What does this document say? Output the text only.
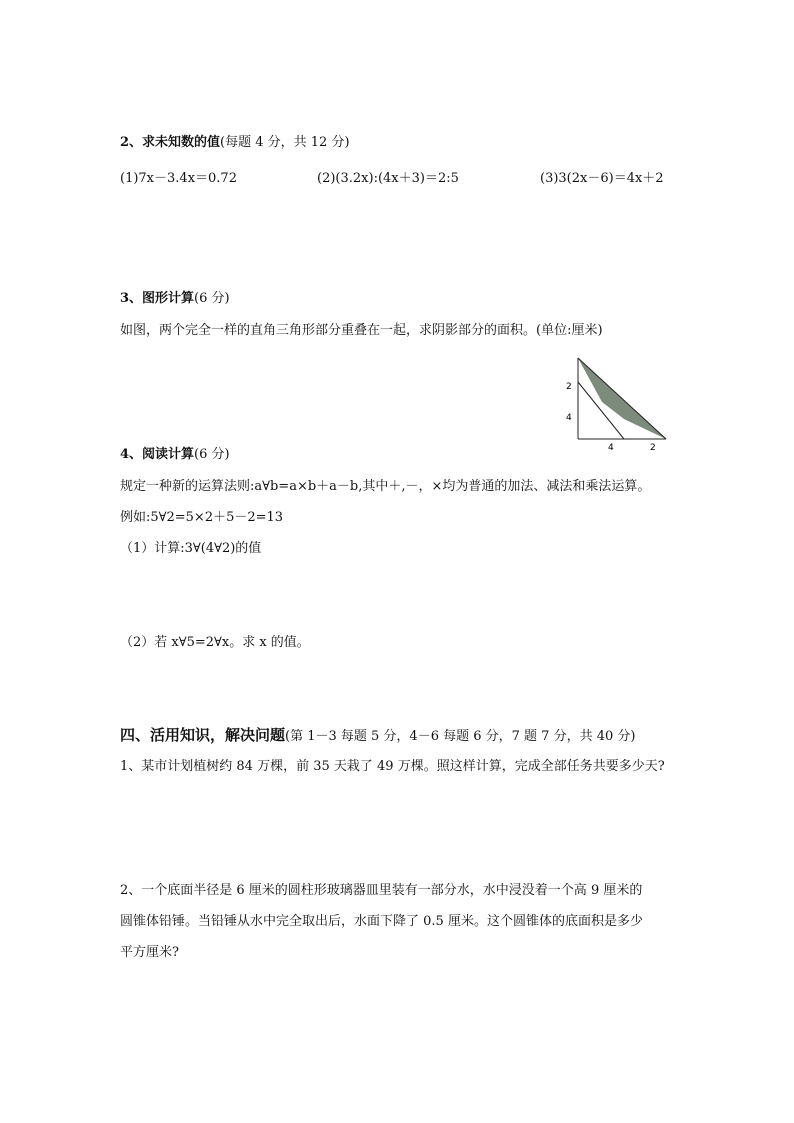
2、求未知数的值(每题 4 分，共 12 分)
(1)7x－3.4x＝0.72	(2)(3.2x):(4x＋3)＝2:5	(3)3(2x－6)＝4x＋2
3、图形计算(6 分)
如图，两个完全一样的直角三角形部分重叠在一起，求阴影部分的面积。(单位:厘米)
2
4
4	2
4、阅读计算(6 分)
规定一种新的运算法则:a∀b=a×b＋a－b,其中＋,－，×均为普通的加法、减法和乘法运算。
例如:5∀2=5×2＋5－2=13
（1）计算:3∀(4∀2)的值
（2）若 x∀5=2∀x。求 x 的值。
四、活用知识，解决问题(第 1－3 每题 5 分，4－6 每题 6 分，7 题 7 分，共 40 分)
1、某市计划植树约 84 万棵，前 35 天栽了 49 万棵。照这样计算，完成全部任务共要多少天?
2、一个底面半径是 6 厘米的圆柱形玻璃器皿里装有一部分水，水中浸没着一个高 9 厘米的
圆锥体铅锤。当铅锤从水中完全取出后，水面下降了 0.5 厘米。这个圆锥体的底面积是多少
平方厘米?
